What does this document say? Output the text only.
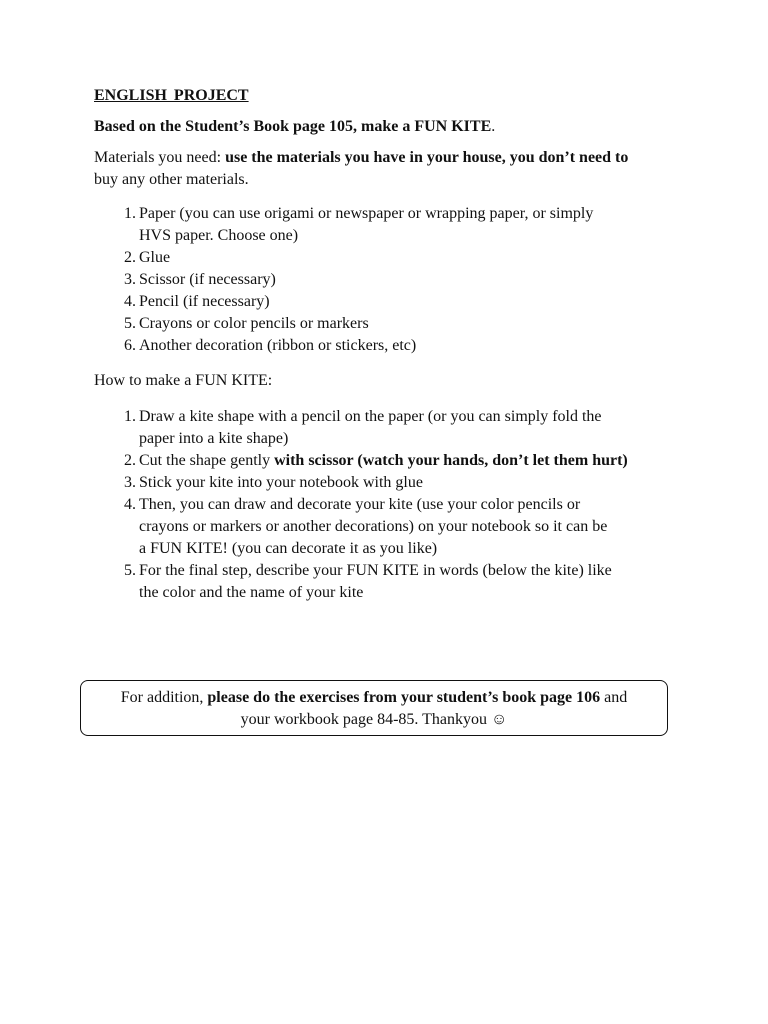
ENGLISH PROJECT

Based on the Student’s Book page 105, make a FUN KITE.

Materials you need: use the materials you have in your house, you don’t need to

buy any other materials.

1. Paper (you can use origami or newspaper or wrapping paper, or simply
HVS paper. Choose one)
2. Glue
3. Scissor (if necessary)
4. Pencil (if necessary)
5. Crayons or color pencils or markers
6. Another decoration (ribbon or stickers, etc)

How to make a FUN KITE:

1. Draw a kite shape with a pencil on the paper (or you can simply fold the
paper into a kite shape)
2. Cut the shape gently with scissor (watch your hands, don’t let them hurt)
3. Stick your kite into your notebook with glue
4. Then, you can draw and decorate your kite (use your color pencils or
crayons or markers or another decorations) on your notebook so it can be
a FUN KITE! (you can decorate it as you like)
5. For the final step, describe your FUN KITE in words (below the kite) like
the color and the name of your kite
For addition, please do the exercises from your student’s book page 106 and
your workbook page 84-85. Thankyou ☺
